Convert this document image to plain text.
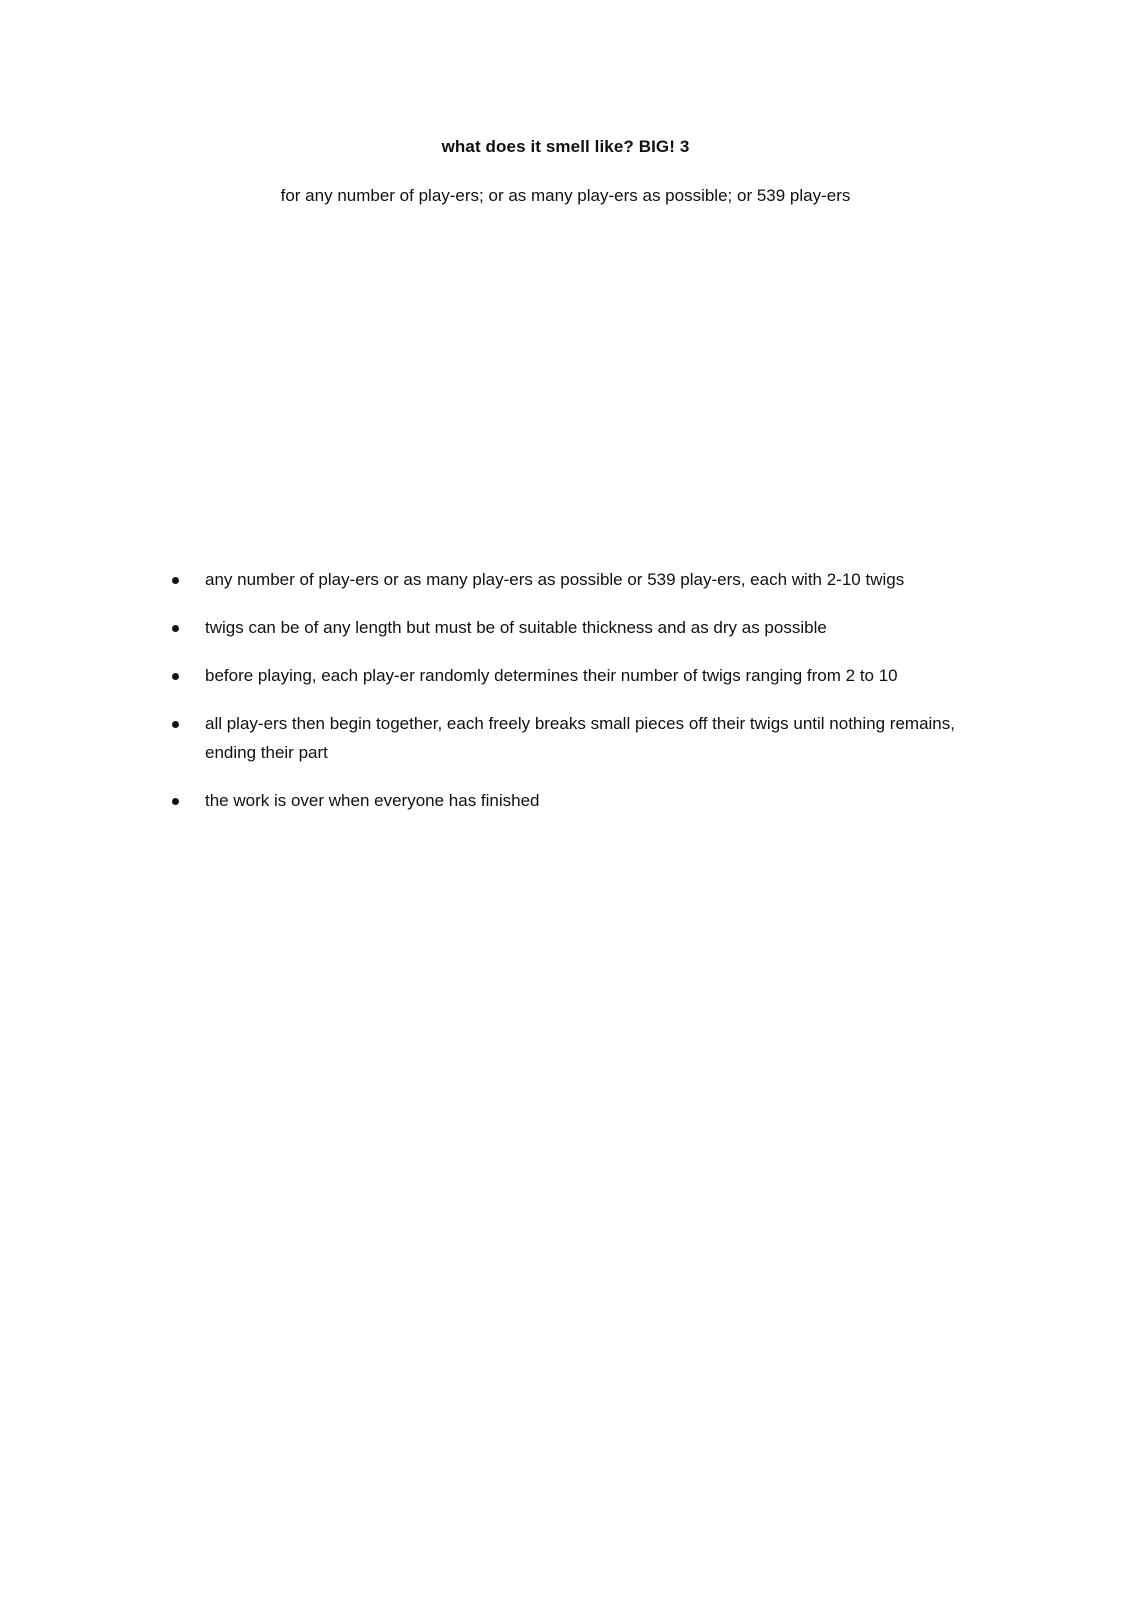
what does it smell like? BIG! 3
for any number of play-ers; or as many play-ers as possible; or 539 play-ers
any number of play-ers or as many play-ers as possible or 539 play-ers, each with 2-10 twigs
twigs can be of any length but must be of suitable thickness and as dry as possible
before playing, each play-er randomly determines their number of twigs ranging from 2 to 10
all play-ers then begin together, each freely breaks small pieces off their twigs until nothing remains, ending their part
the work is over when everyone has finished
